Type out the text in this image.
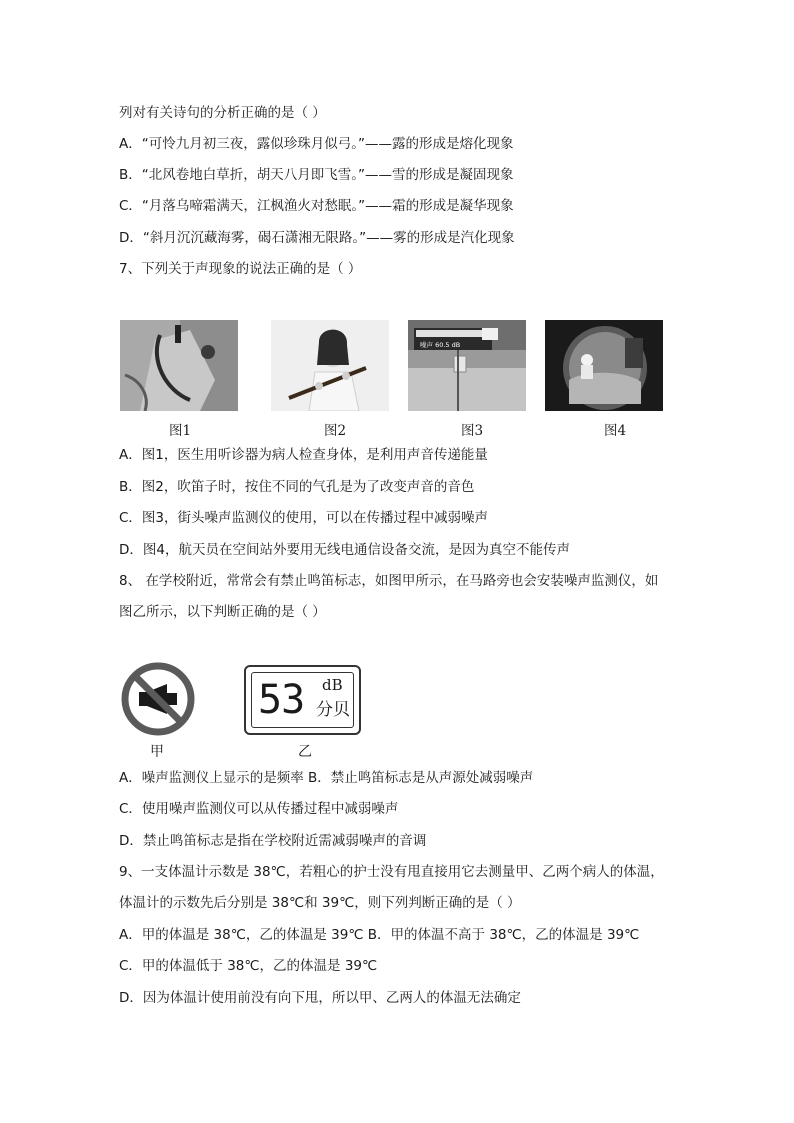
列对有关诗句的分析正确的是（ ）
A．“可怜九月初三夜，露似珍珠月似弓。”——露的形成是熔化现象
B．“北风卷地白草折，胡天八月即飞雪。”——雪的形成是凝固现象
C．“月落乌啼霜满天，江枫渔火对愁眠。”——霜的形成是凝华现象
D．“斜月沉沉藏海雾，碣石潇湘无限路。”——雾的形成是汽化现象
7、下列关于声现象的说法正确的是（ ）
噪声 60.5 dB
图1	图2	图3	图4
A．图1，医生用听诊器为病人检查身体，是利用声音传递能量
B．图2，吹笛子时，按住不同的气孔是为了改变声音的音色
C．图3，街头噪声监测仪的使用，可以在传播过程中减弱噪声
D．图4，航天员在空间站外要用无线电通信设备交流，是因为真空不能传声
8、 在学校附近，常常会有禁止鸣笛标志，如图甲所示，在马路旁也会安装噪声监测仪，如
图乙所示，以下判断正确的是（ ）
甲
53 dB
分贝
乙
A．噪声监测仪上显示的是频率 B．禁止鸣笛标志是从声源处减弱噪声
C．使用噪声监测仪可以从传播过程中减弱噪声
D．禁止鸣笛标志是指在学校附近需减弱噪声的音调
9、一支体温计示数是 38℃，若粗心的护士没有甩直接用它去测量甲、乙两个病人的体温，
体温计的示数先后分别是 38℃和 39℃，则下列判断正确的是（ ）
A．甲的体温是 38℃，乙的体温是 39℃ B．甲的体温不高于 38℃，乙的体温是 39℃
C．甲的体温低于 38℃，乙的体温是 39℃
D．因为体温计使用前没有向下甩，所以甲、乙两人的体温无法确定
